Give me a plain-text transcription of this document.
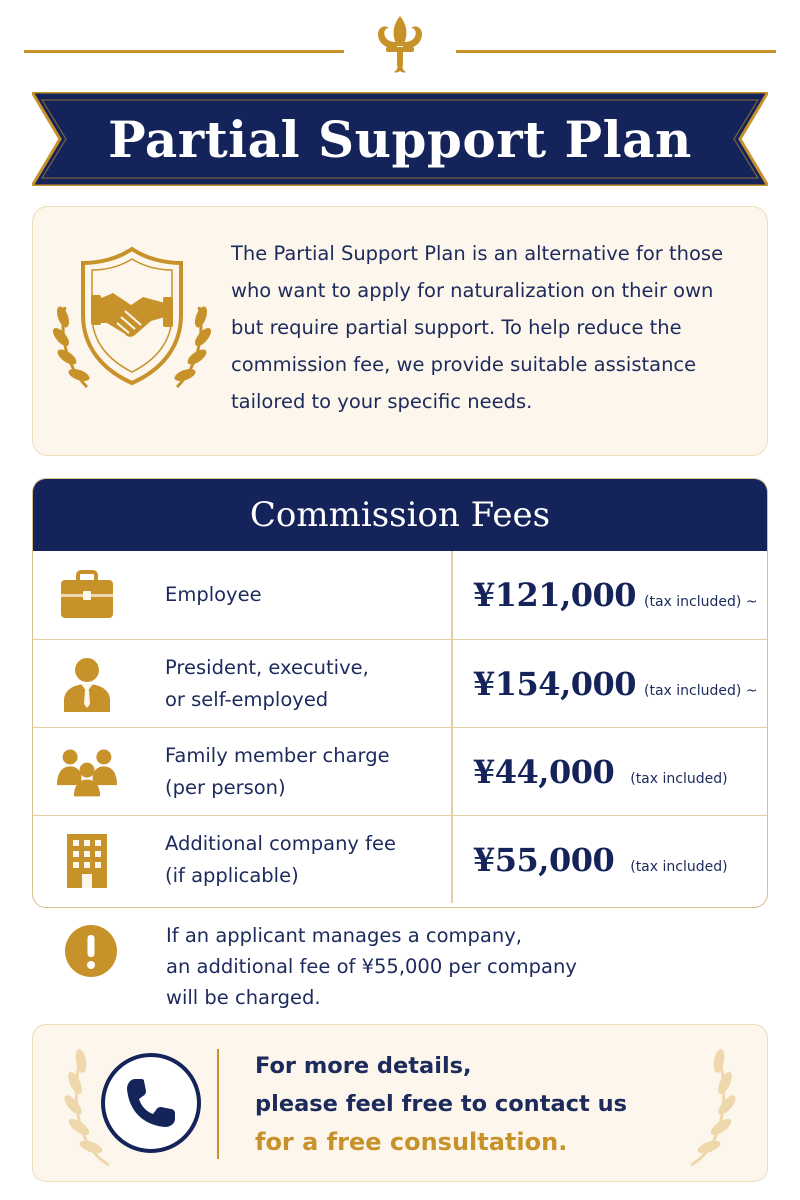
Partial Support Plan
The Partial Support Plan is an alternative for those
who want to apply for naturalization on their own
but require partial support. To help reduce the
commission fee, we provide suitable assistance
tailored to your specific needs.
Commission Fees
Employee	¥121,000 (tax included) ~
President, executive,
or self-employed	¥154,000 (tax included) ~
Family member charge
(per person)	¥44,000 (tax included)
Additional company fee
(if applicable)	¥55,000 (tax included)
If an applicant manages a company,
an additional fee of ¥55,000 per company
will be charged.
For more details,
please feel free to contact us
for a free consultation.
